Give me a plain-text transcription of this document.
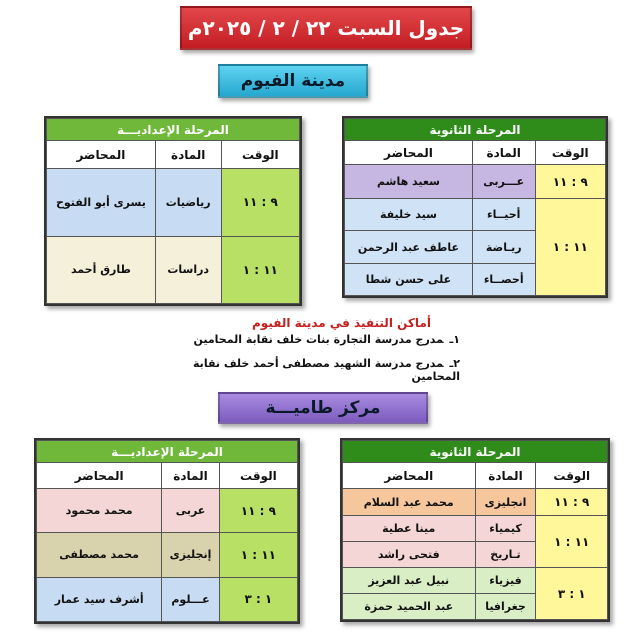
جدول السبت ٢٢ / ٢ / ٢٠٢٥م
مدينة الفيوم
المرحلة الثانوية		
الوقت	المادة	المحاضر
٩ : ١١	عـــربى	سعيد هاشم
١١ : ١	أحيــاء	سيد خليفة
	ريـاضة	عاطف عبد الرحمن
	أحصــاء	على حسن شطا
المرحلة الإعداديـــة		
الوقت	المادة	المحاضر
٩ : ١١	رياضيات	يسرى أبو الفتوح
١١ : ١	دراسات	طارق أحمد
أماكن التنفيذ في مدينة الفيوم
١ـمدرج مدرسة التجارة بنات خلف نقابة المحامين
٢ـمدرج مدرسة الشهيد مصطفى أحمد خلف نقابة المحامين
مركز طاميـــة
المرحلة الثانوية		
الوقت	المادة	المحاضر
٩ : ١١	انجليزى	محمد عبد السلام
١١ : ١	كيمياء	مينا عطية
	تـاريخ	فتحى راشد
١ : ٣	فيزياء	نبيل عبد العزيز
	جغرافيا	عبد الحميد حمزة
المرحلة الإعداديـــة		
الوقت	المادة	المحاضر
٩ : ١١	عربى	محمد محمود
١١ : ١	إنجليزى	محمد مصطفى
١ : ٣	عـــلوم	أشرف سيد عمار
